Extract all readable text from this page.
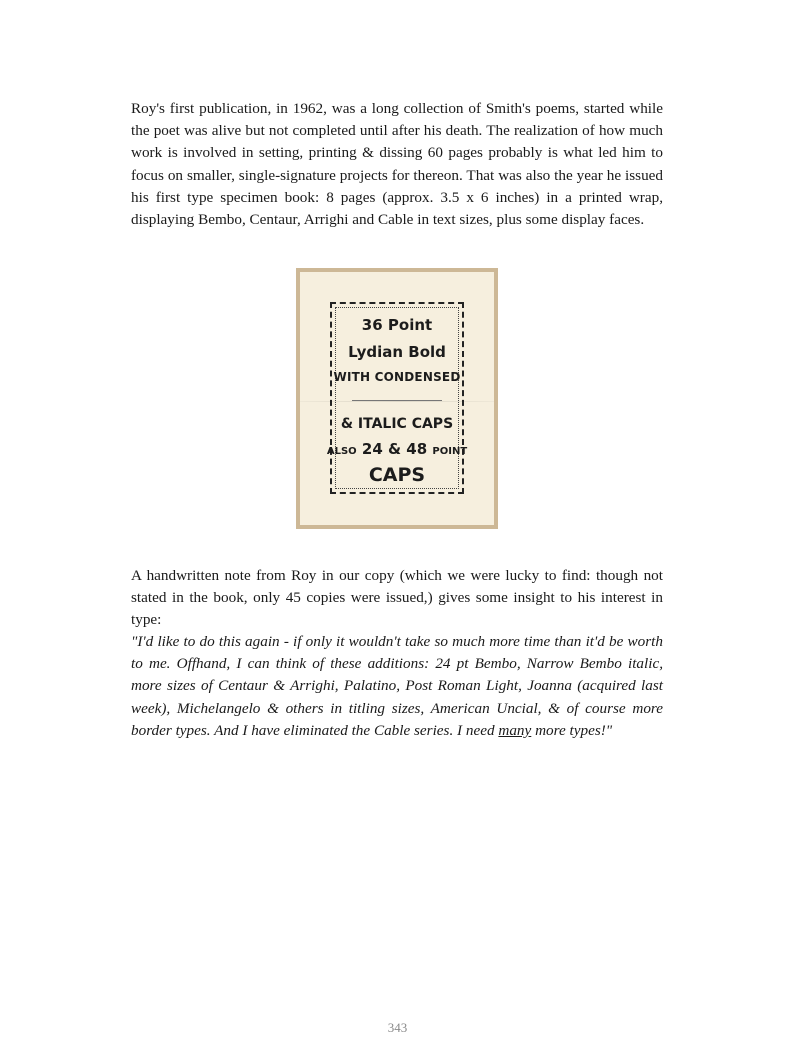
Roy's first publication, in 1962, was a long collection of Smith's poems, started while the poet was alive but not completed until after his death. The realization of how much work is involved in setting, printing & dissing 60 pages probably is what led him to focus on smaller, single-signature projects for thereon. That was also the year he issued his first type specimen book: 8 pages (approx. 3.5 x 6 inches) in a printed wrap, displaying Bembo, Centaur, Arrighi and Cable in text sizes, plus some display faces.

36 Point
Lydian Bold
WITH CONDENSED
& ITALIC CAPS
ALSO 24 & 48 POINT
CAPS

A handwritten note from Roy in our copy (which we were lucky to find: though not stated in the book, only 45 copies were issued,) gives some insight to his interest in type:

"I'd like to do this again - if only it wouldn't take so much more time than it'd be worth to me. Offhand, I can think of these additions: 24 pt Bembo, Narrow Bembo italic, more sizes of Centaur & Arrighi, Palatino, Post Roman Light, Joanna (acquired last week), Michelangelo & others in titling sizes, American Uncial, & of course more border types. And I have eliminated the Cable series. I need many more types!"

343
